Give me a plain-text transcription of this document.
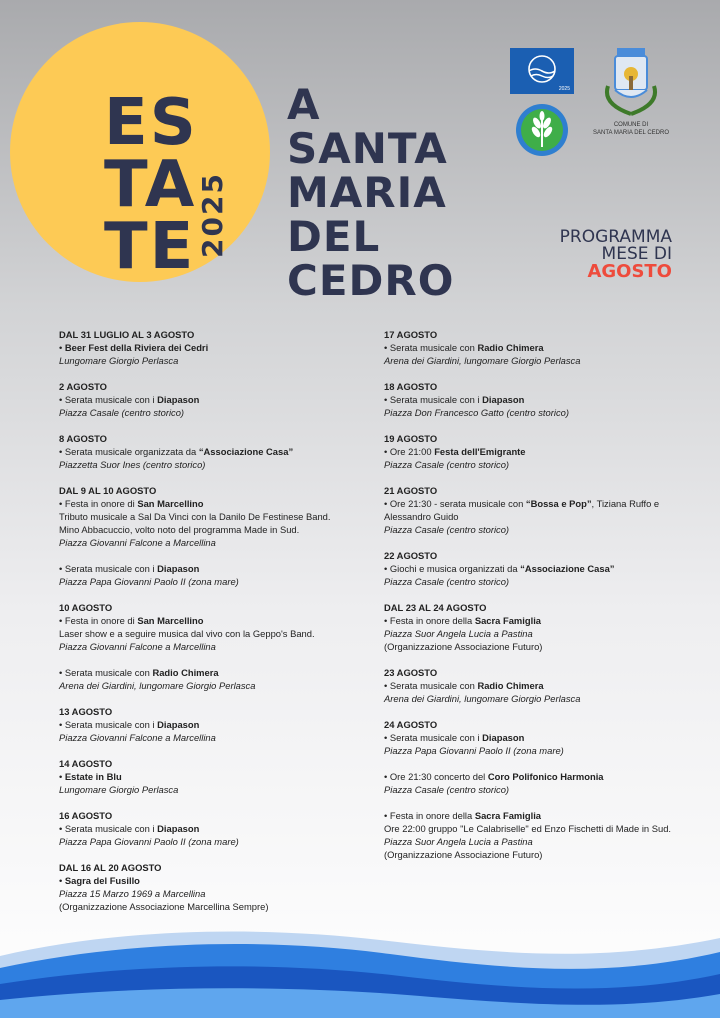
ES
TA
TE 2025
A
SANTA
MARIA
DEL
CEDRO
2025
COMUNE DI
SANTA MARIA DEL CEDRO
PROGRAMMA
MESE DI
AGOSTO
DAL 31 LUGLIO AL 3 AGOSTO
• Beer Fest della Riviera dei Cedri
Lungomare Giorgio Perlasca
2 AGOSTO
• Serata musicale con i Diapason
Piazza Casale (centro storico)
8 AGOSTO
• Serata musicale organizzata da “Associazione Casa”
Piazzetta Suor Ines (centro storico)
DAL 9 AL 10 AGOSTO
• Festa in onore di San Marcellino
Tributo musicale a Sal Da Vinci con la Danilo De Festinese Band.
Mino Abbacuccio, volto noto del programma Made in Sud.
Piazza Giovanni Falcone a Marcellina
• Serata musicale con i Diapason
Piazza Papa Giovanni Paolo II (zona mare)
10 AGOSTO
• Festa in onore di San Marcellino
Laser show e a seguire musica dal vivo con la Geppo's Band.
Piazza Giovanni Falcone a Marcellina
• Serata musicale con Radio Chimera
Arena dei Giardini, lungomare Giorgio Perlasca
13 AGOSTO
• Serata musicale con i Diapason
Piazza Giovanni Falcone a Marcellina
14 AGOSTO
• Estate in Blu
Lungomare Giorgio Perlasca
16 AGOSTO
• Serata musicale con i Diapason
Piazza Papa Giovanni Paolo II (zona mare)
DAL 16 AL 20 AGOSTO
• Sagra del Fusillo
Piazza 15 Marzo 1969 a Marcellina
(Organizzazione Associazione Marcellina Sempre)
17 AGOSTO
• Serata musicale con Radio Chimera
Arena dei Giardini, lungomare Giorgio Perlasca
18 AGOSTO
• Serata musicale con i Diapason
Piazza Don Francesco Gatto (centro storico)
19 AGOSTO
• Ore 21:00 Festa dell'Emigrante
Piazza Casale (centro storico)
21 AGOSTO
• Ore 21:30 - serata musicale con “Bossa e Pop”, Tiziana Ruffo e
Alessandro Guido
Piazza Casale (centro storico)
22 AGOSTO
• Giochi e musica organizzati da “Associazione Casa”
Piazza Casale (centro storico)
DAL 23 AL 24 AGOSTO
• Festa in onore della Sacra Famiglia
Piazza Suor Angela Lucia a Pastina
(Organizzazione Associazione Futuro)
23 AGOSTO
• Serata musicale con Radio Chimera
Arena dei Giardini, lungomare Giorgio Perlasca
24 AGOSTO
• Serata musicale con i Diapason
Piazza Papa Giovanni Paolo II (zona mare)
• Ore 21:30 concerto del Coro Polifonico Harmonia
Piazza Casale (centro storico)
• Festa in onore della Sacra Famiglia
Ore 22:00 gruppo "Le Calabriselle" ed Enzo Fischetti di Made in Sud.
Piazza Suor Angela Lucia a Pastina
(Organizzazione Associazione Futuro)
